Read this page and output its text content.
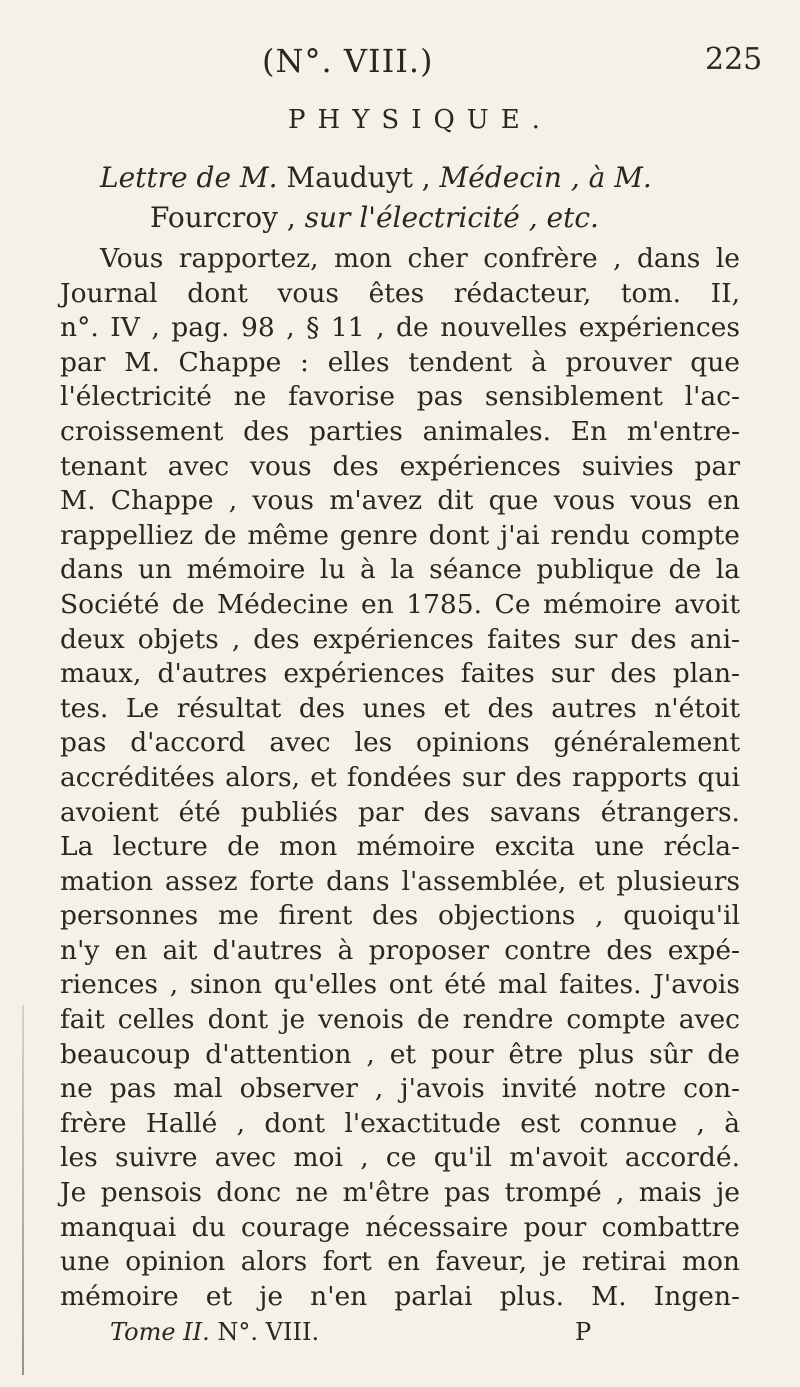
(N°. VIII.)	225
PHYSIQUE.
Lettre de M. Mauduyt , Médecin , à M.
Fourcroy , sur l'électricité , etc.
Vous rapportez, mon cher confrère , dans le
Journal dont vous êtes rédacteur, tom. II,
n°. IV , pag. 98 , § 11 , de nouvelles expériences
par M. Chappe : elles tendent à prouver que
l'électricité ne favorise pas sensiblement l'ac-
croissement des parties animales. En m'entre-
tenant avec vous des expériences suivies par
M. Chappe , vous m'avez dit que vous vous en
rappelliez de même genre dont j'ai rendu compte
dans un mémoire lu à la séance publique de la
Société de Médecine en 1785. Ce mémoire avoit
deux objets , des expériences faites sur des ani-
maux, d'autres expériences faites sur des plan-
tes. Le résultat des unes et des autres n'étoit
pas d'accord avec les opinions généralement
accréditées alors, et fondées sur des rapports qui
avoient été publiés par des savans étrangers.
La lecture de mon mémoire excita une récla-
mation assez forte dans l'assemblée, et plusieurs
personnes me firent des objections , quoiqu'il
n'y en ait d'autres à proposer contre des expé-
riences , sinon qu'elles ont été mal faites. J'avois
fait celles dont je venois de rendre compte avec
beaucoup d'attention , et pour être plus sûr de
ne pas mal observer , j'avois invité notre con-
frère Hallé , dont l'exactitude est connue , à
les suivre avec moi , ce qu'il m'avoit accordé.
Je pensois donc ne m'être pas trompé , mais je
manquai du courage nécessaire pour combattre
une opinion alors fort en faveur, je retirai mon
mémoire et je n'en parlai plus. M. Ingen-
Tome II. N°. VIII.	P
